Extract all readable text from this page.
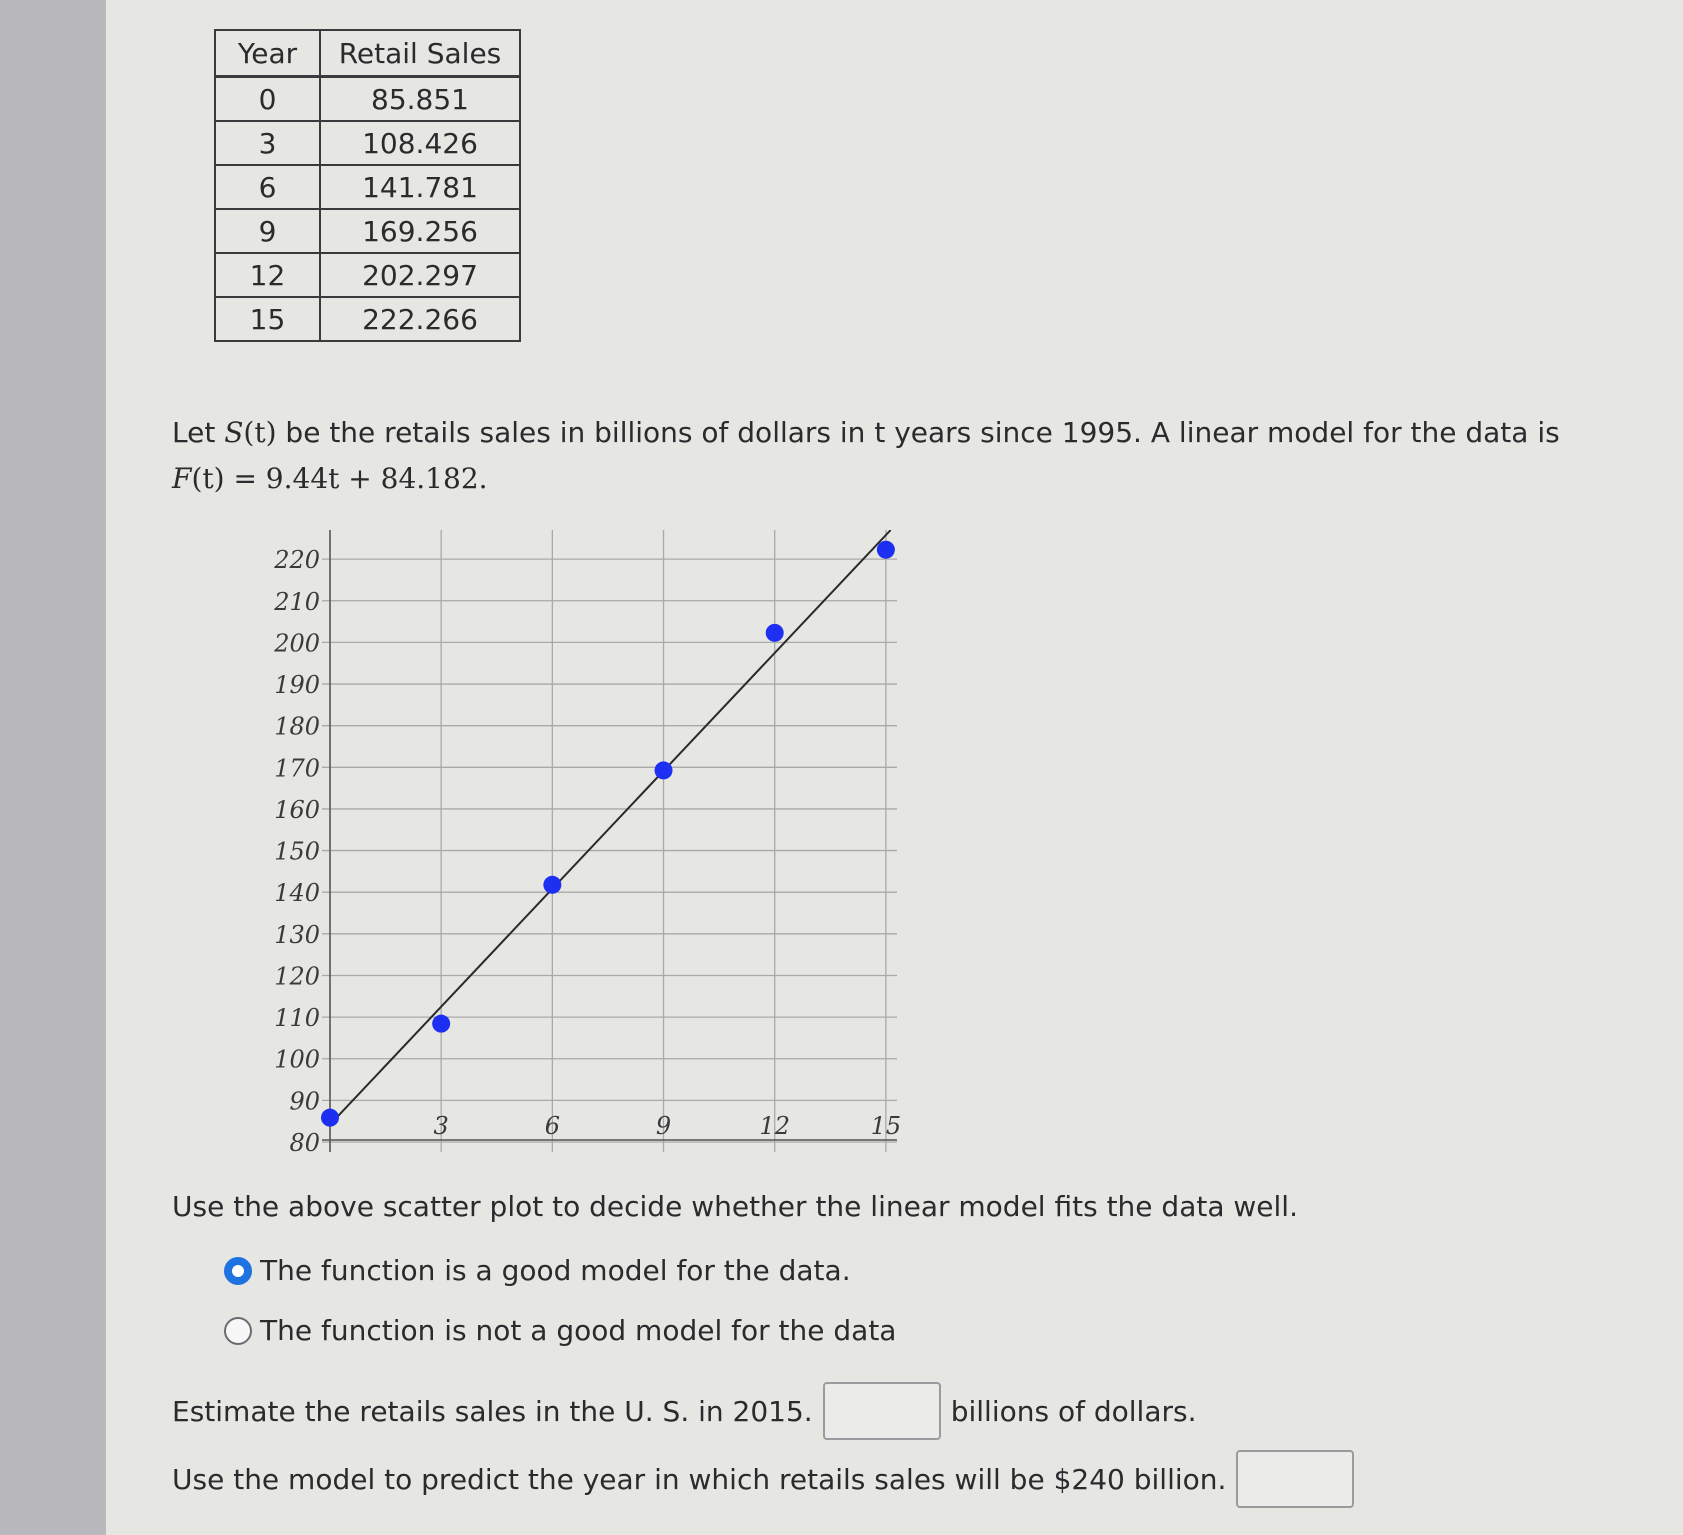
Year	Retail Sales
0	85.851
3	108.426
6	141.781
9	169.256
12	202.297
15	222.266
Let S(t) be the retails sales in billions of dollars in t years since 1995. A linear model for the data is
F(t) = 9.44t + 84.182.
80
90
100
110
120
130
140
150
160
170
180
190
200
210
220
3	6	9	12	15
Use the above scatter plot to decide whether the linear model fits the data well.
The function is a good model for the data.
The function is not a good model for the data
Estimate the retails sales in the U. S. in 2015.	billions of dollars.
Use the model to predict the year in which retails sales will be $240 billion.
